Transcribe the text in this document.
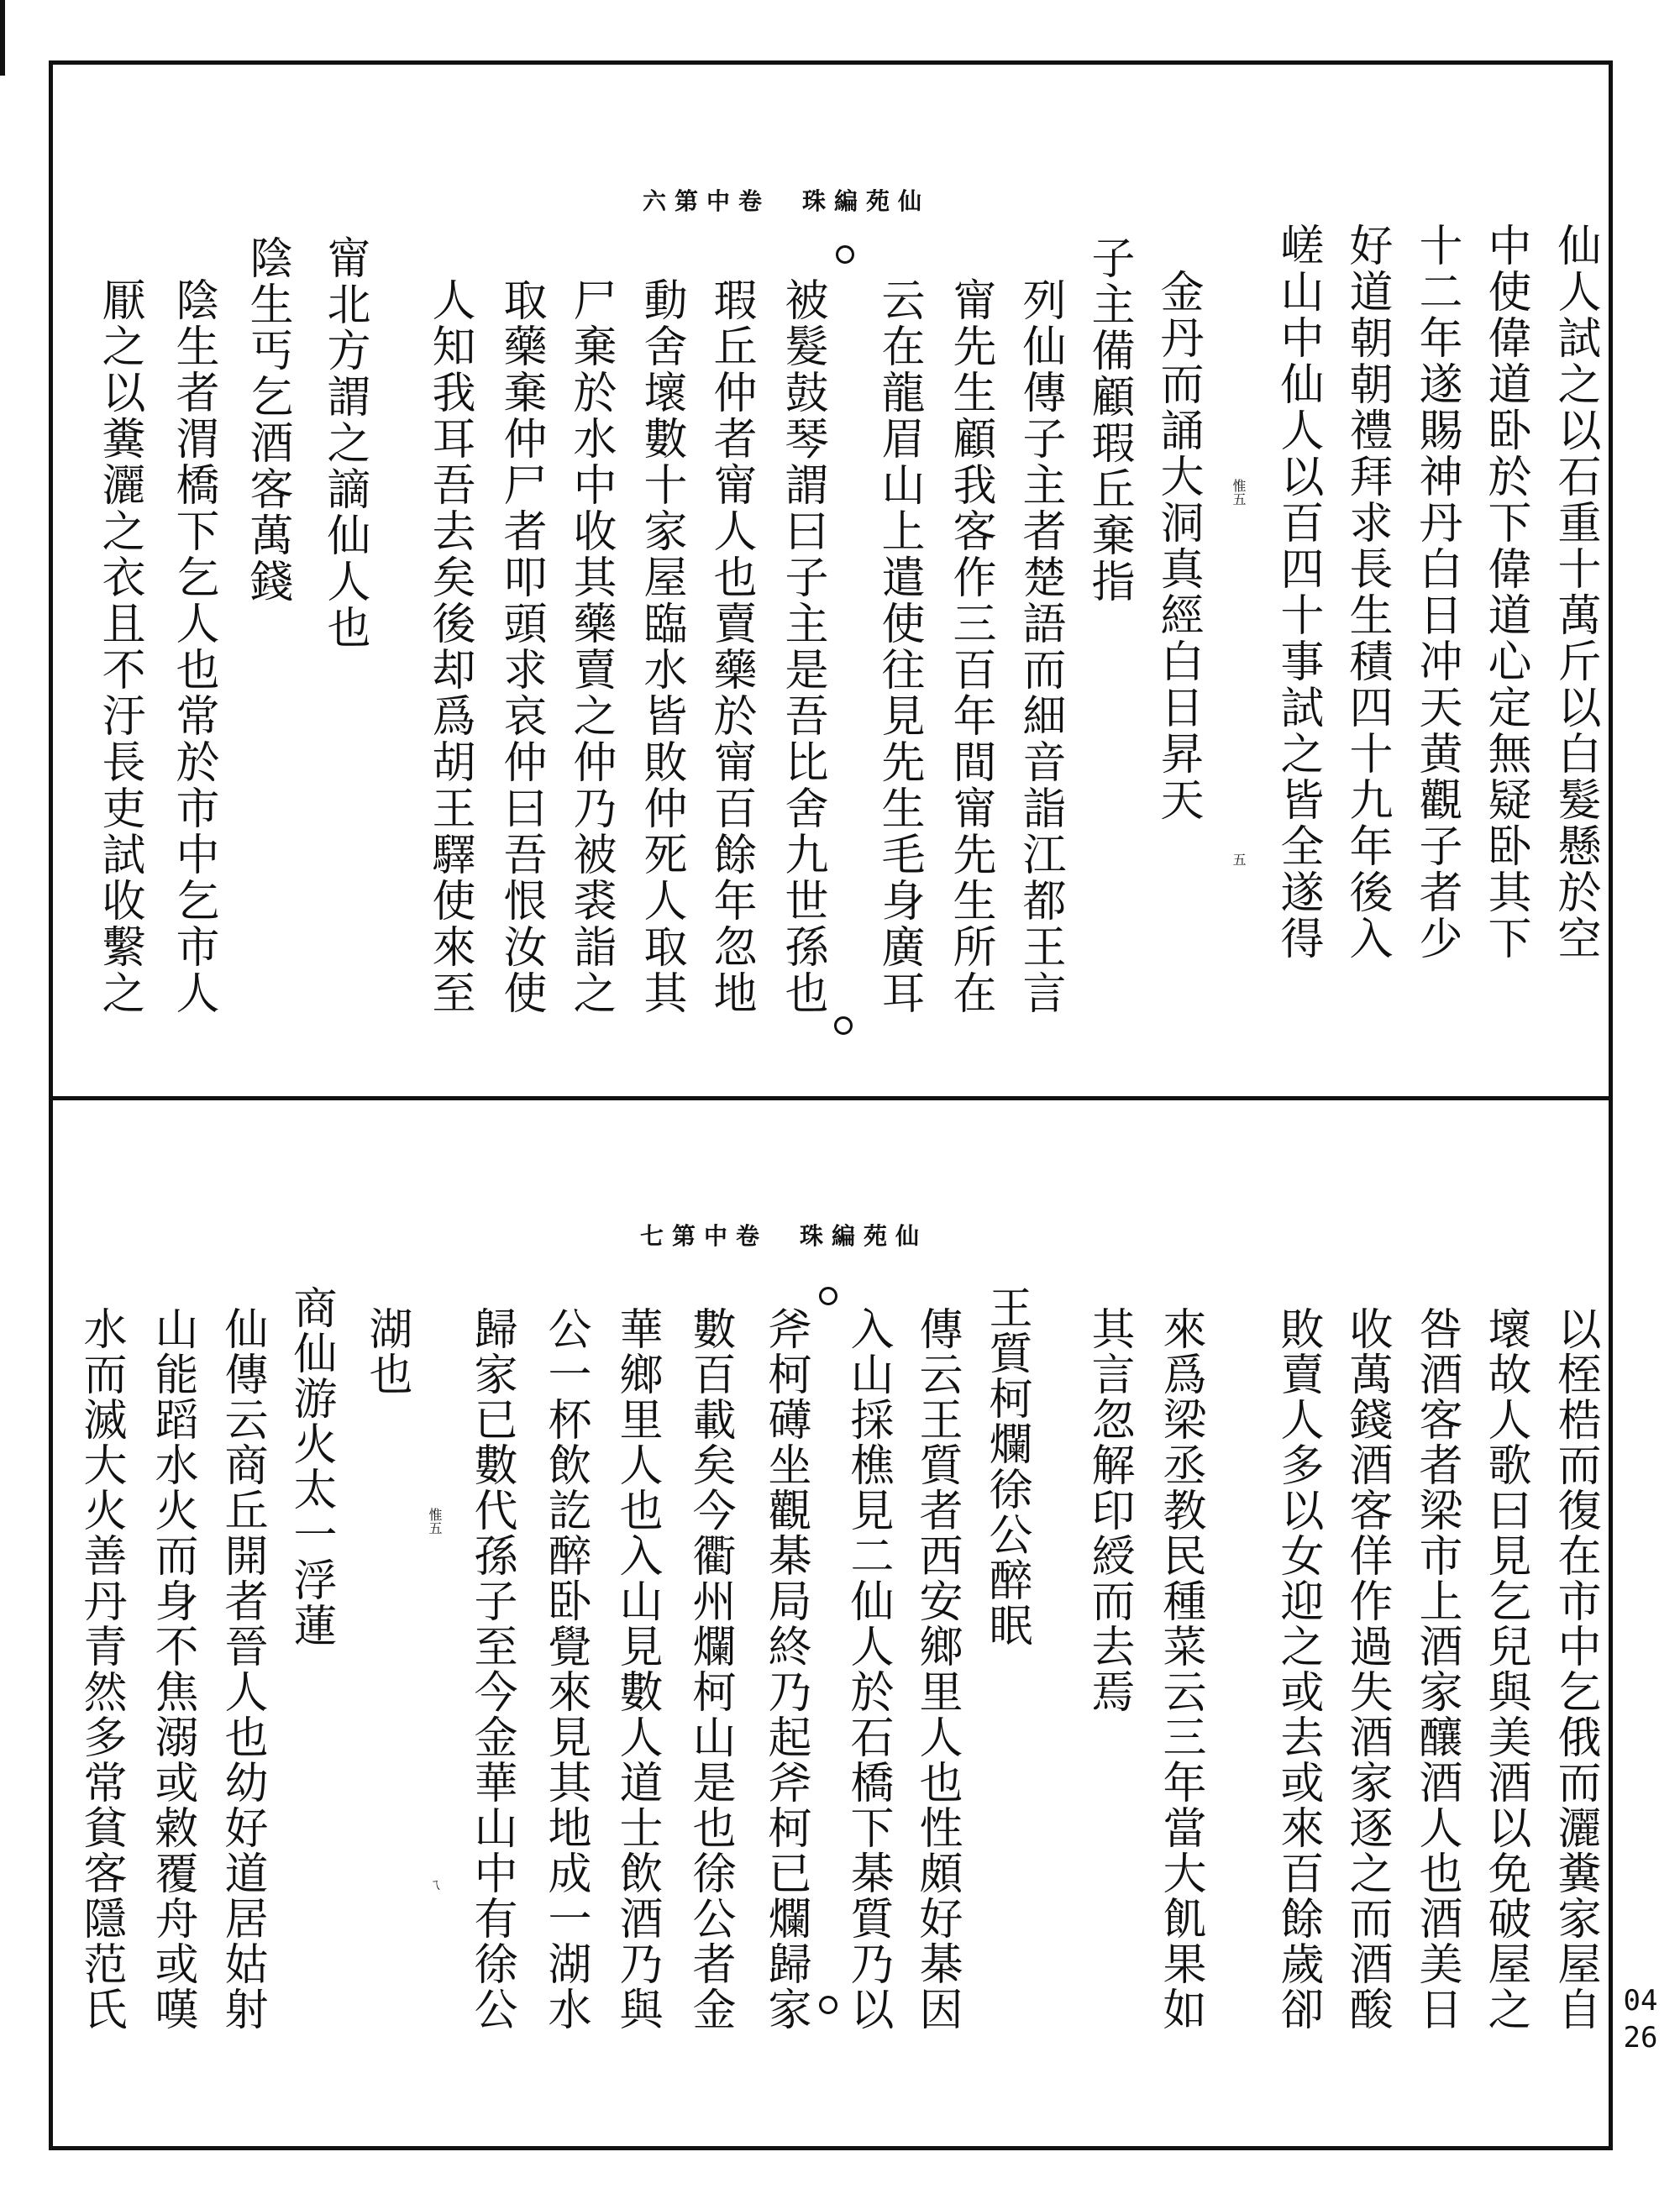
六第中卷　珠編苑仙
仙人試之以石重十萬斤以白髮懸於空
中使偉道卧於下偉道心定無疑卧其下
十二年遂賜神丹白日冲天黄觀子者少
好道朝朝禮拜求長生積四十九年後入
嵯山中仙人以百四十事試之皆全遂得
金丹而誦大洞真經白日昇天
子主備顧瑕丘棄指
列仙傳子主者楚語而細音詣江都王言
甯先生顧我客作三百年間甯先生所在
云在龍眉山上遣使往見先生毛身廣耳
被髮鼓琴謂曰子主是吾比舍九世孫也
瑕丘仲者甯人也賣藥於甯百餘年忽地
動舍壞數十家屋臨水皆敗仲死人取其
尸棄於水中收其藥賣之仲乃被裘詣之
取藥棄仲尸者叩頭求哀仲曰吾恨汝使
人知我耳吾去矣後却爲胡王驛使來至
甯北方謂之謫仙人也
陰生丐乞酒客萬錢
陰生者渭橋下乞人也常於市中乞市人
厭之以糞灑之衣且不汙長吏試收繫之	惟五
五
七第中卷　珠編苑仙
以桎梏而復在市中乞俄而灑糞家屋自
壞故人歌曰見乞兒與美酒以免破屋之
咎酒客者梁市上酒家釀酒人也酒美日
收萬錢酒客佯作過失酒家逐之而酒酸
敗賣人多以女迎之或去或來百餘歲卻
來爲梁丞教民種菜云三年當大飢果如
其言忽解印綬而去焉
王質柯爛徐公醉眠
傳云王質者西安鄉里人也性頗好棊因
入山採樵見二仙人於石橋下棊質乃以
斧柯礡坐觀棊局終乃起斧柯已爛歸家
數百載矣今衢州爛柯山是也徐公者金
華鄉里人也入山見數人道士飲酒乃與
公一杯飲訖醉卧覺來見其地成一湖水
歸家已數代孫子至今金華山中有徐公
湖也
商仙游火太一浮蓮
仙傳云商丘開者晉人也幼好道居姑射
山能蹈水火而身不焦溺或敹覆舟或嘆
水而滅大火善丹青然多常貧客隱范氏	惟五
ㄟ
0426
